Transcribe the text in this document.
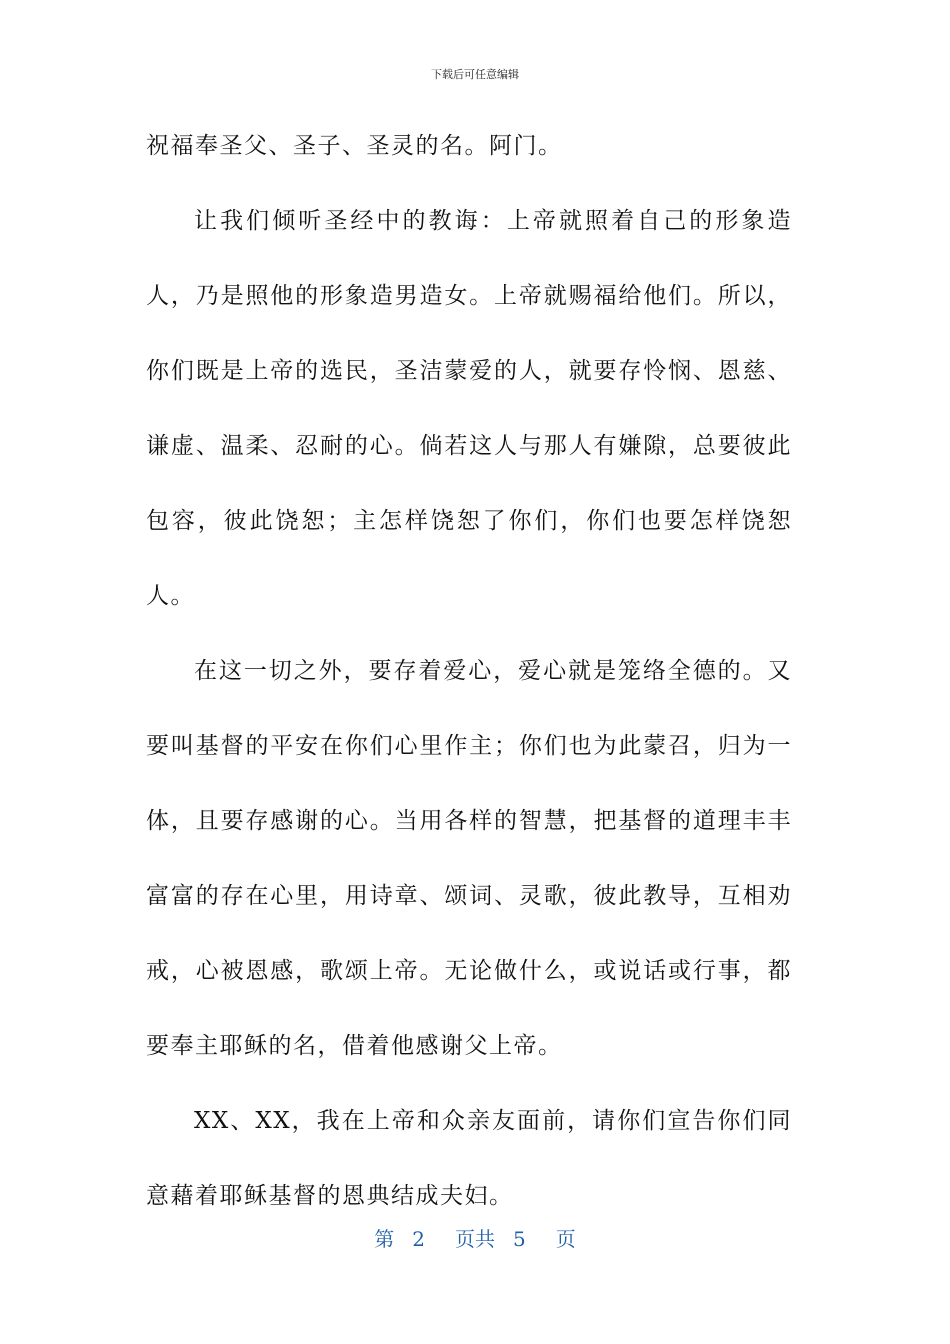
下载后可任意编辑

祝福奉圣父、圣子、圣灵的名。阿门。

让我们倾听圣经中的教诲：上帝就照着自己的形象造人，乃是照他的形象造男造女。上帝就赐福给他们。所以，你们既是上帝的选民，圣洁蒙爱的人，就要存怜悯、恩慈、谦虚、温柔、忍耐的心。倘若这人与那人有嫌隙，总要彼此包容，彼此饶恕；主怎样饶恕了你们，你们也要怎样饶恕人。

在这一切之外，要存着爱心，爱心就是笼络全德的。又要叫基督的平安在你们心里作主；你们也为此蒙召，归为一体，且要存感谢的心。当用各样的智慧，把基督的道理丰丰富富的存在心里，用诗章、颂词、灵歌，彼此教导，互相劝戒，心被恩感，歌颂上帝。无论做什么，或说话或行事，都要奉主耶稣的名，借着他感谢父上帝。

XX、XX，我在上帝和众亲友面前，请你们宣告你们同意藉着耶稣基督的恩典结成夫妇。

第 2 页共 5 页
